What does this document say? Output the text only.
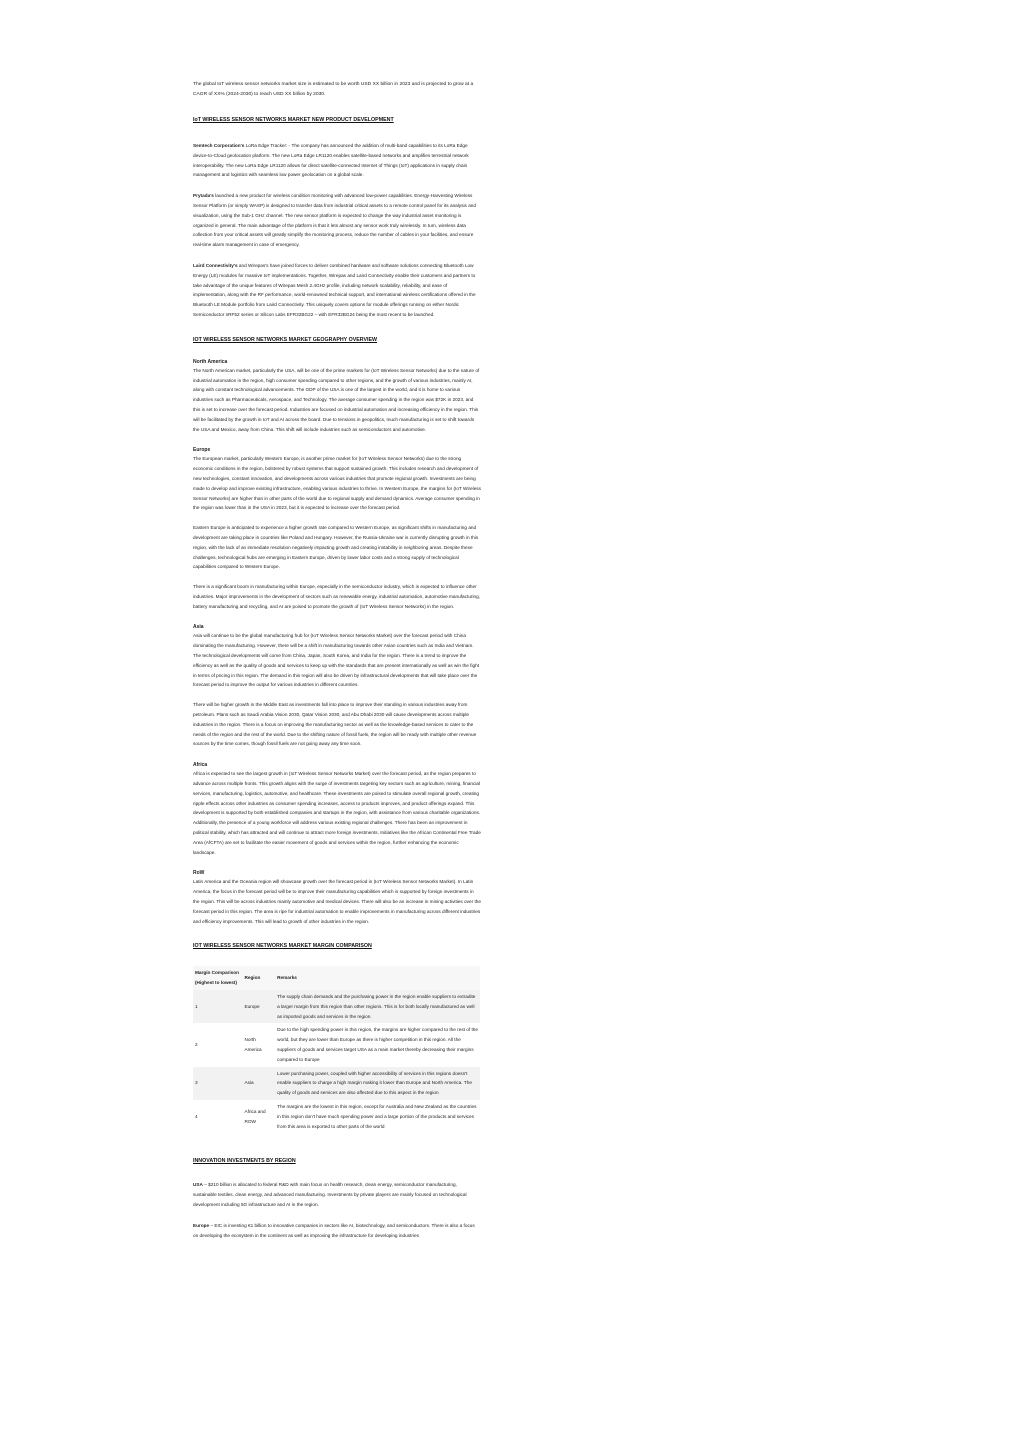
The global IoT wireless sensor networks market size is estimated to be worth USD XX billion in 2023 and is projected to grow at a CAGR of XX% (2024-2030) to reach USD XX billion by 2030.

IoT WIRELESS SENSOR NETWORKS MARKET NEW PRODUCT DEVELOPMENT

Semtech Corporation's LoRa Edge Tracker: - The company has announced the addition of multi-band capabilities to its LoRa Edge device-to-Cloud geolocation platform. The new LoRa Edge LR1120 enables satellite-based networks and amplifies terrestrial network interoperability. The new LoRa Edge LR1120 allows for direct satellite-connected Internet of Things (IoT) applications in supply chain management and logistics with seamless low power geolocation on a global scale.

Prytada's launched a new product for wireless condition monitoring with advanced low-power capabilities. Energy-Harvesting Wireless Sensor Platform (or simply WASP) is designed to transfer data from industrial critical assets to a remote control panel for its analysis and visualization, using the Sub-1 GHz channel. The new sensor platform is expected to change the way industrial asset monitoring is organized in general. The main advantage of the platform is that it lets almost any sensor work truly wirelessly. In turn, wireless data collection from your critical assets will greatly simplify the monitoring process, reduce the number of cables in your facilities, and ensure real-time alarm management in case of emergency.

Laird Connectivity's and Wirepas's have joined forces to deliver combined hardware and software solutions connecting Bluetooth Low Energy (LE) modules for massive IoT implementations. Together, Wirepas and Laird Connectivity enable their customers and partners to take advantage of the unique features of Wirepas Mesh 2.4GHz profile, including network scalability, reliability, and ease of implementation, along with the RF performance, world-renowned technical support, and international wireless certifications offered in the Bluetooth LE Module portfolio from Laird Connectivity. This uniquely covers options for module offerings running on either Nordic Semiconductor nRF52 series or Silicon Labs EFR32BG22 – with EFR32BG24 being the most recent to be launched.

IOT WIRELESS SENSOR NETWORKS MARKET GEOGRAPHY OVERVIEW
North America

The North American market, particularly the USA, will be one of the prime markets for (IoT Wireless Sensor Networks) due to the nature of industrial automation in the region, high consumer spending compared to other regions, and the growth of various industries, mainly AI, along with constant technological advancements. The GDP of the USA is one of the largest in the world, and it is home to various industries such as Pharmaceuticals, Aerospace, and Technology. The average consumer spending in the region was $72K in 2023, and this is set to increase over the forecast period. Industries are focused on industrial automation and increasing efficiency in the region. This will be facilitated by the growth in IoT and AI across the board. Due to tensions in geopolitics, much manufacturing is set to shift towards the USA and Mexico, away from China. This shift will include industries such as semiconductors and automotive.

Europe

The European market, particularly Western Europe, is another prime market for (IoT Wireless Sensor Networks) due to the strong economic conditions in the region, bolstered by robust systems that support sustained growth. This includes research and development of new technologies, constant innovation, and developments across various industries that promote regional growth. Investments are being made to develop and improve existing infrastructure, enabling various industries to thrive. In Western Europe, the margins for (IoT Wireless Sensor Networks) are higher than in other parts of the world due to regional supply and demand dynamics. Average consumer spending in the region was lower than in the USA in 2023, but it is expected to increase over the forecast period.

Eastern Europe is anticipated to experience a higher growth rate compared to Western Europe, as significant shifts in manufacturing and development are taking place in countries like Poland and Hungary. However, the Russia-Ukraine war is currently disrupting growth in this region, with the lack of an immediate resolution negatively impacting growth and creating instability in neighboring areas. Despite these challenges, technological hubs are emerging in Eastern Europe, driven by lower labor costs and a strong supply of technological capabilities compared to Western Europe.

There is a significant boom in manufacturing within Europe, especially in the semiconductor industry, which is expected to influence other industries. Major improvements in the development of sectors such as renewable energy, industrial automation, automotive manufacturing, battery manufacturing and recycling, and AI are poised to promote the growth of (IoT Wireless Sensor Networks) in the region.

Asia

Asia will continue to be the global manufacturing hub for (IoT Wireless Sensor Networks Market) over the forecast period with China dominating the manufacturing. However, there will be a shift in manufacturing towards other Asian countries such as India and Vietnam. The technological developments will come from China, Japan, South Korea, and India for the region. There is a trend to improve the efficiency as well as the quality of goods and services to keep up with the standards that are present internationally as well as win the fight in terms of pricing in this region. The demand in this region will also be driven by infrastructural developments that will take place over the forecast period to improve the output for various industries in different countries.

There will be higher growth in the Middle East as investments fall into place to improve their standing in various industries away from petroleum. Plans such as Saudi Arabia Vision 2030, Qatar Vision 2030, and Abu Dhabi 2030 will cause developments across multiple industries in the region. There is a focus on improving the manufacturing sector as well as the knowledge-based services to cater to the needs of the region and the rest of the world. Due to the shifting nature of fossil fuels, the region will be ready with multiple other revenue sources by the time comes, though fossil fuels are not going away any time soon.

Africa

Africa is expected to see the largest growth in (IoT Wireless Sensor Networks Market) over the forecast period, as the region prepares to advance across multiple fronts. This growth aligns with the surge of investments targeting key sectors such as agriculture, mining, financial services, manufacturing, logistics, automotive, and healthcare. These investments are poised to stimulate overall regional growth, creating ripple effects across other industries as consumer spending increases, access to products improves, and product offerings expand. This development is supported by both established companies and startups in the region, with assistance from various charitable organizations. Additionally, the presence of a young workforce will address various existing regional challenges. There has been an improvement in political stability, which has attracted and will continue to attract more foreign investments. Initiatives like the African Continental Free Trade Area (AfCFTA) are set to facilitate the easier movement of goods and services within the region, further enhancing the economic landscape.

RoW

Latin America and the Oceania region will showcase growth over the forecast period in (IoT Wireless Sensor Networks Market). In Latin America, the focus in the forecast period will be to improve their manufacturing capabilities which is supported by foreign investments in the region. This will be across industries mainly automotive and medical devices. There will also be an increase in mining activities over the forecast period in this region. The area is ripe for industrial automation to enable improvements in manufacturing across different industries and efficiency improvements. This will lead to growth of other industries in the region.

IOT WIRELESS SENSOR NETWORKS MARKET MARGIN COMPARISON
Margin Comparison (Highest to lowest)	Region	Remarks
1	Europe	The supply chain demands and the purchasing power in the region enable suppliers to extradite a larger margin from this region than other regions. This is for both locally manufactured as well as imported goods and services in the region.
2	North America	Due to the high spending power in this region, the margins are higher compared to the rest of the world, but they are lower than Europe as there is higher competition in this region. All the suppliers of goods and services target USA as a main market thereby decreasing their margins compared to Europe
3	Asia	Lower purchasing power, coupled with higher accessibility of services in this regions doesn't enable suppliers to charge a high margin making it lower than Europe and North America. The quality of goods and services are also affected due to this aspect in the region
4	Africa and ROW	The margins are the lowest in this region, except for Australia and New Zealand as the countries in this region don't have much spending power and a large portion of the products and services from this area is exported to other parts of the world
INNOVATION INVESTMENTS BY REGION

USA – $210 billion is allocated to federal R&D with main focus on health research, clean energy, semiconductor manufacturing, sustainable textiles, clean energy, and advanced manufacturing. Investments by private players are mainly focused on technological development including 5G infrastructure and AI in the region.

Europe – EIC is investing €1 billion to innovative companies in sectors like AI, biotechnology, and semiconductors. There is also a focus on developing the ecosystem in the continent as well as improving the infrastructure for developing industries
